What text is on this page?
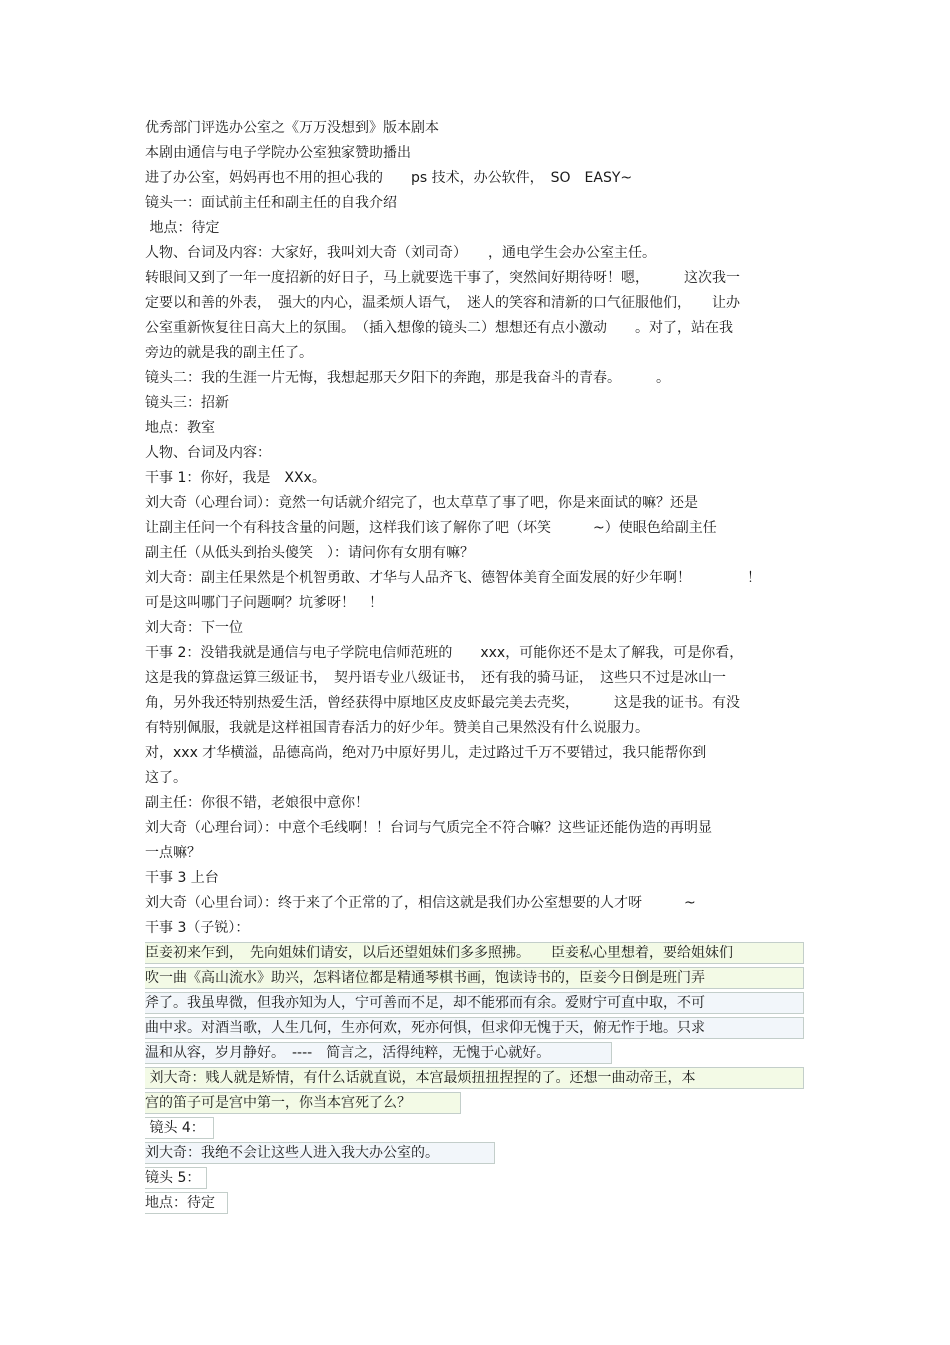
优秀部门评选办公室之《万万没想到》版本剧本
本剧由通信与电子学院办公室独家赞助播出
进了办公室，妈妈再也不用的担心我的　　ps 技术，办公软件，　SO　EASY~
镜头一：面试前主任和副主任的自我介绍
地点：待定
人物、台词及内容：大家好，我叫刘大奇（刘司奇）　　，通电学生会办公室主任。
转眼间又到了一年一度招新的好日子，马上就要选干事了，突然间好期待呀！嗯，　　　这次我一
定要以和善的外表，　强大的内心，温柔烦人语气，　迷人的笑容和清新的口气征服他们，　　让办
公室重新恢复往日高大上的氛围。　（插入想像的镜头二）想想还有点小激动　　。对了，站在我
旁边的就是我的副主任了。
镜头二：我的生涯一片无悔，我想起那天夕阳下的奔跑，那是我奋斗的青春。　　　。
镜头三：招新
地点：教室
人物、台词及内容：
干事 1：你好，我是　XXx。
刘大奇（心理台词）：竟然一句话就介绍完了，也太草草了事了吧，你是来面试的嘛？还是
让副主任问一个有科技含量的问题，这样我们该了解你了吧（坏笑　　　~）使眼色给副主任
副主任（从低头到抬头傻笑　）：请问你有女朋有嘛？
刘大奇：副主任果然是个机智勇敢、才华与人品齐飞、德智体美育全面发展的好少年啊！　　　　！
可是这叫哪门子问题啊？坑爹呀！　！
刘大奇：下一位
干事 2：没错我就是通信与电子学院电信师范班的　　xxx，可能你还不是太了解我，可是你看，
这是我的算盘运算三级证书，　契丹语专业八级证书，　还有我的骑马证，　这些只不过是冰山一
角，另外我还特别热爱生活，曾经获得中原地区皮皮虾最完美去壳奖，　　　这是我的证书。有没
有特别佩服，我就是这样祖国青春活力的好少年。赞美自己果然没有什么说服力。
对，xxx 才华横溢，品德高尚，绝对乃中原好男儿，走过路过千万不要错过，我只能帮你到
这了。
副主任：你很不错，老娘很中意你！
刘大奇（心理台词）：中意个毛线啊！！台词与气质完全不符合嘛？这些证还能伪造的再明显
一点嘛？
干事 3 上台
刘大奇（心里台词）：终于来了个正常的了，相信这就是我们办公室想要的人才呀　　　~
干事 3（子锐）：
臣妾初来乍到，　先向姐妹们请安，以后还望姐妹们多多照拂。　　臣妾私心里想着，要给姐妹们
吹一曲《高山流水》助兴，怎料诸位都是精通琴棋书画，饱读诗书的，臣妾今日倒是班门弄
斧了。我虽卑微，但我亦知为人，宁可善而不足，却不能邪而有余。爱财宁可直中取，不可
曲中求。对酒当歌，人生几何，生亦何欢，死亦何惧，但求仰无愧于天，俯无怍于地。只求
温和从容，岁月静好。　----　简言之，活得纯粹，无愧于心就好。
刘大奇：贱人就是矫情，有什么话就直说，本宫最烦扭扭捏捏的了。还想一曲动帝王，本
宫的笛子可是宫中第一，你当本宫死了么？
镜头 4：
刘大奇：我绝不会让这些人进入我大办公室的。
镜头 5：
地点：待定
